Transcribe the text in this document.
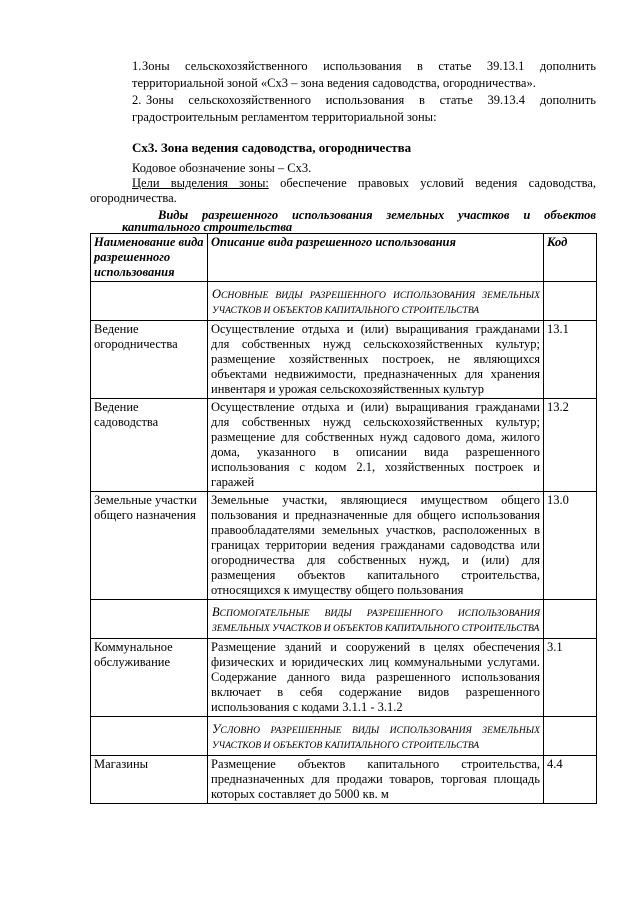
1. Зоны сельскохозяйственного использования в статье 39.13.1 дополнить
территориальной зоной «Сх3 – зона ведения садоводства, огородничества».
2. Зоны сельскохозяйственного использования в статье 39.13.4 дополнить
градостроительным регламентом территориальной зоны:
Сх3. Зона ведения садоводства, огородничества
Кодовое обозначение зоны – Сх3.
Цели выделения зоны: обеспечение правовых условий ведения садоводства,
огородничества.
Виды разрешенного использования земельных участков и объектов
капитального строительства
Наименование вида разрешенного использования	Описание вида разрешенного использования	Код
	ОСНОВНЫЕ ВИДЫ РАЗРЕШЕННОГО ИСПОЛЬЗОВАНИЯ ЗЕМЕЛЬНЫХ УЧАСТКОВ И ОБЪЕКТОВ КАПИТАЛЬНОГО СТРОИТЕЛЬСТВА	
Ведение огородничества	Осуществление отдыха и (или) выращивания гражданами для собственных нужд сельскохозяйственных культур; размещение хозяйственных построек, не являющихся объектами недвижимости, предназначенных для хранения инвентаря и урожая сельскохозяйственных культур	13.1
Ведение садоводства	Осуществление отдыха и (или) выращивания гражданами для собственных нужд сельскохозяйственных культур; размещение для собственных нужд садового дома, жилого дома, указанного в описании вида разрешенного использования с кодом 2.1, хозяйственных построек и гаражей	13.2
Земельные участки общего назначения	Земельные участки, являющиеся имуществом общего пользования и предназначенные для общего использования правообладателями земельных участков, расположенных в границах территории ведения гражданами садоводства или огородничества для собственных нужд, и (или) для размещения объектов капитального строительства, относящихся к имуществу общего пользования	13.0
	ВСПОМОГАТЕЛЬНЫЕ ВИДЫ РАЗРЕШЕННОГО ИСПОЛЬЗОВАНИЯ ЗЕМЕЛЬНЫХ УЧАСТКОВ И ОБЪЕКТОВ КАПИТАЛЬНОГО СТРОИТЕЛЬСТВА	
Коммунальное обслуживание	Размещение зданий и сооружений в целях обеспечения физических и юридических лиц коммунальными услугами. Содержание данного вида разрешенного использования включает в себя содержание видов разрешенного использования с кодами 3.1.1 - 3.1.2	3.1
	УСЛОВНО РАЗРЕШЕННЫЕ ВИДЫ ИСПОЛЬЗОВАНИЯ ЗЕМЕЛЬНЫХ УЧАСТКОВ И ОБЪЕКТОВ КАПИТАЛЬНОГО СТРОИТЕЛЬСТВА	
Магазины	Размещение объектов капитального строительства, предназначенных для продажи товаров, торговая площадь которых составляет до 5000 кв. м	4.4
